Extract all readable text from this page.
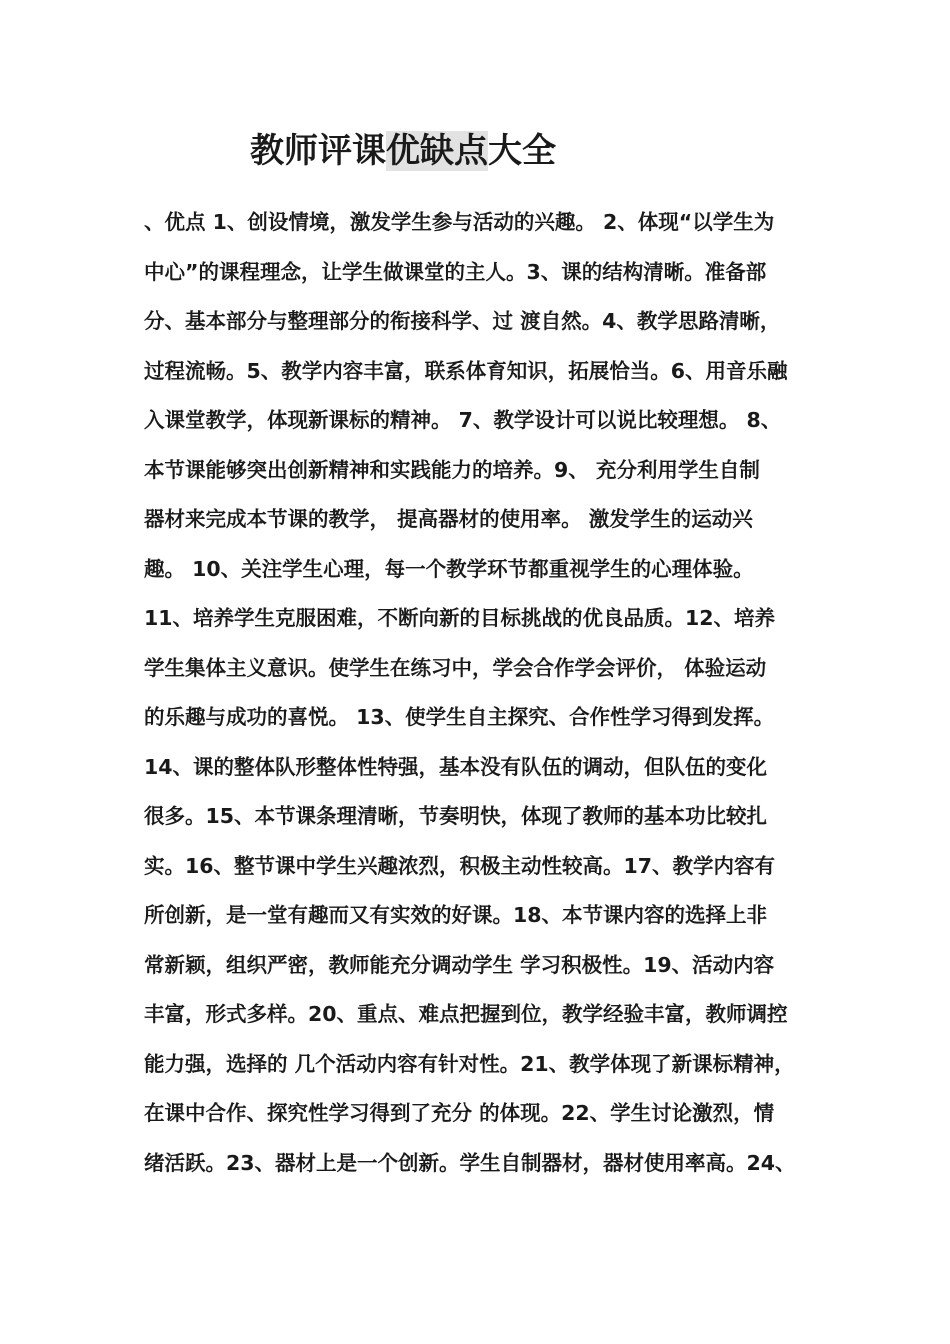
教师评课优缺点大全
、优点 1、创设情境，激发学生参与活动的兴趣。 2、体现“以学生为
中心”的课程理念，让学生做课堂的主人。3、课的结构清晰。准备部
分、基本部分与整理部分的衔接科学、过 渡自然。4、教学思路清晰，
过程流畅。5、教学内容丰富，联系体育知识，拓展恰当。6、用音乐融
入课堂教学，体现新课标的精神。 7、教学设计可以说比较理想。 8、
本节课能够突出创新精神和实践能力的培养。9、 充分利用学生自制
器材来完成本节课的教学， 提高器材的使用率。 激发学生的运动兴
趣。 10、关注学生心理，每一个教学环节都重视学生的心理体验。
11、培养学生克服困难，不断向新的目标挑战的优良品质。12、培养
学生集体主义意识。使学生在练习中，学会合作学会评价， 体验运动
的乐趣与成功的喜悦。 13、使学生自主探究、合作性学习得到发挥。
14、课的整体队形整体性特强，基本没有队伍的调动，但队伍的变化
很多。15、本节课条理清晰，节奏明快，体现了教师的基本功比较扎
实。16、整节课中学生兴趣浓烈，积极主动性较高。17、教学内容有
所创新，是一堂有趣而又有实效的好课。18、本节课内容的选择上非
常新颖，组织严密，教师能充分调动学生 学习积极性。19、活动内容
丰富，形式多样。20、重点、难点把握到位，教学经验丰富，教师调控
能力强，选择的 几个活动内容有针对性。21、教学体现了新课标精神，
在课中合作、探究性学习得到了充分 的体现。22、学生讨论激烈，情
绪活跃。23、器材上是一个创新。学生自制器材，器材使用率高。24、
